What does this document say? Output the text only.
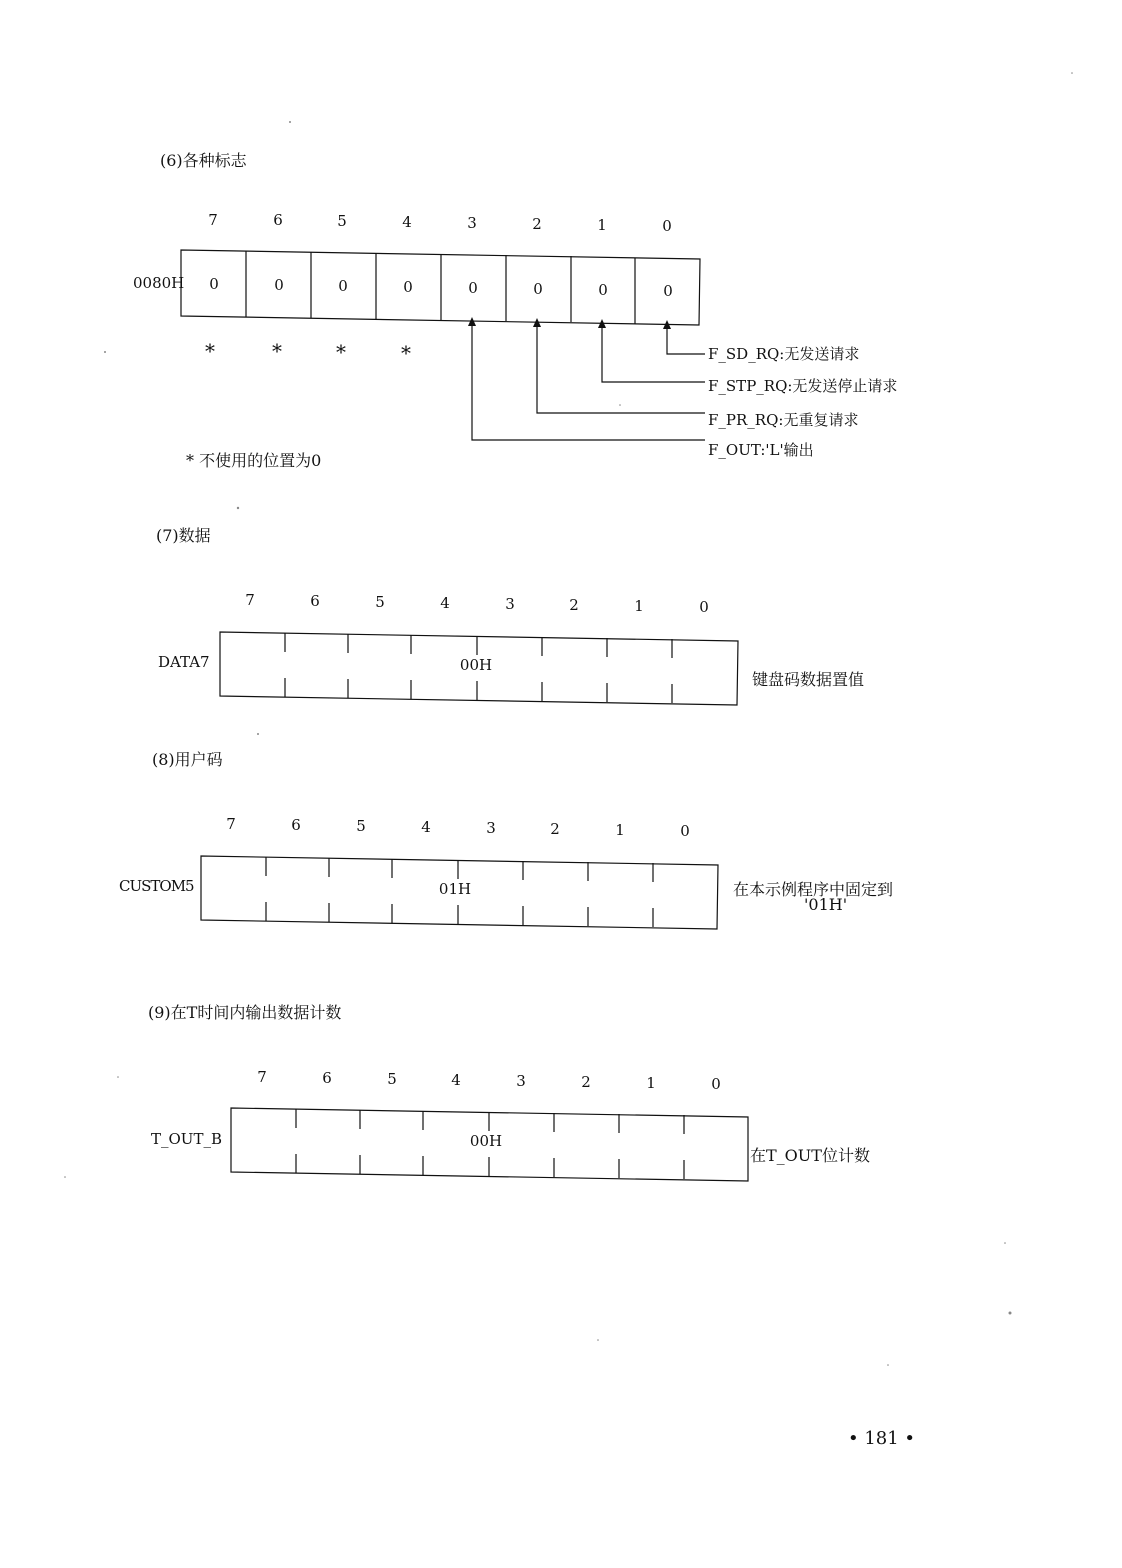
(6)各种标志
7	6	5	4	3	2	1	0
0080H	0	0	0	0	0	0	0	0
*	*	*	*	F_SD_RQ:无发送请求
F_STP_RQ:无发送停止请求
F_PR_RQ:无重复请求
F_OUT:'L'输出
* 不使用的位置为0
(7)数据
7	6	5	4	3	2	1	0
DATA7	00H
键盘码数据置值
(8)用户码
7	6	5	4	3	2	1	0
CUSTOM5	01H	在本示例程序中固定到
'01H'
(9)在T时间内输出数据计数
7	6	5	4	3	2	1	0
T_OUT_B	00H
在T_OUT位计数
• 181 •
